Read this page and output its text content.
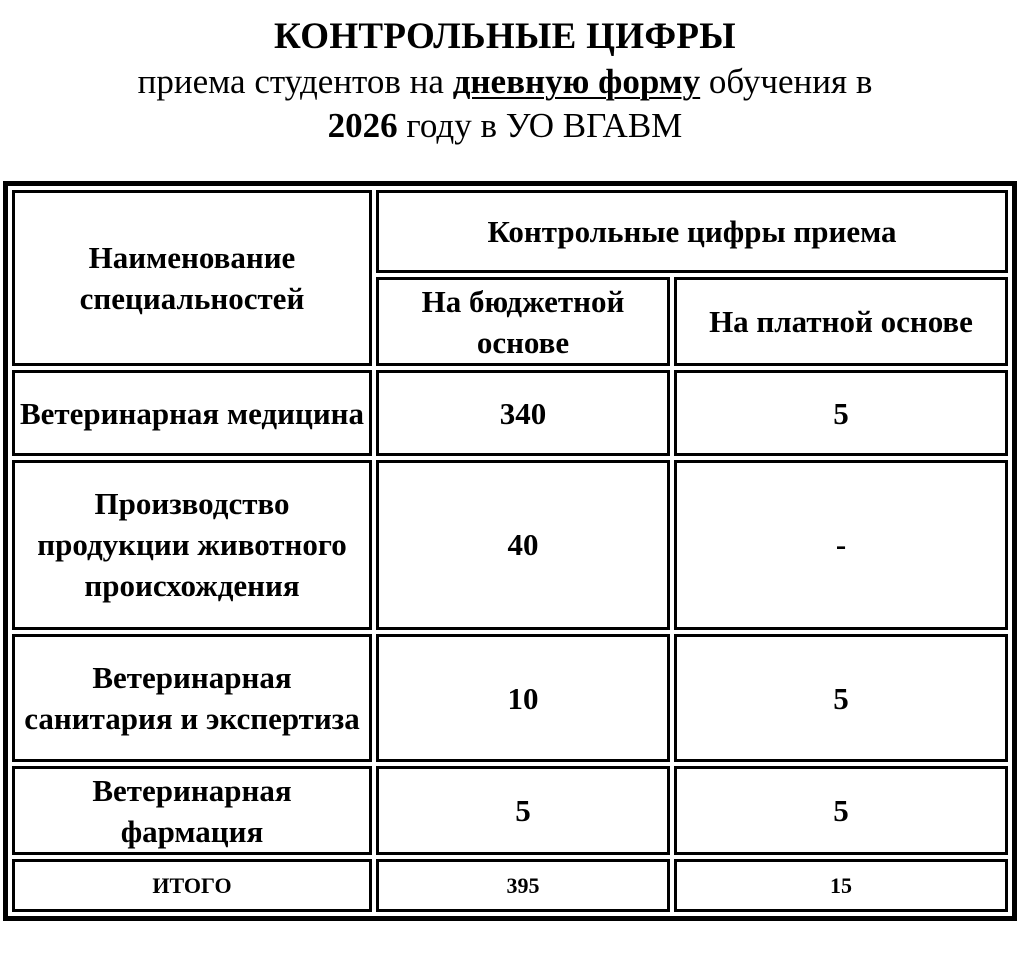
КОНТРОЛЬНЫЕ ЦИФРЫ
приема студентов на дневную форму обучения в
2026 году в УО ВГАВМ
Наименование специальностей	Контрольные цифры приема	
	На бюджетной основе	На платной основе
Ветеринарная медицина	340	5
Производство продукции животного происхождения	40	-
Ветеринарная санитария и экспертиза	10	5
Ветеринарная фармация	5	5
ИТОГО	395	15
